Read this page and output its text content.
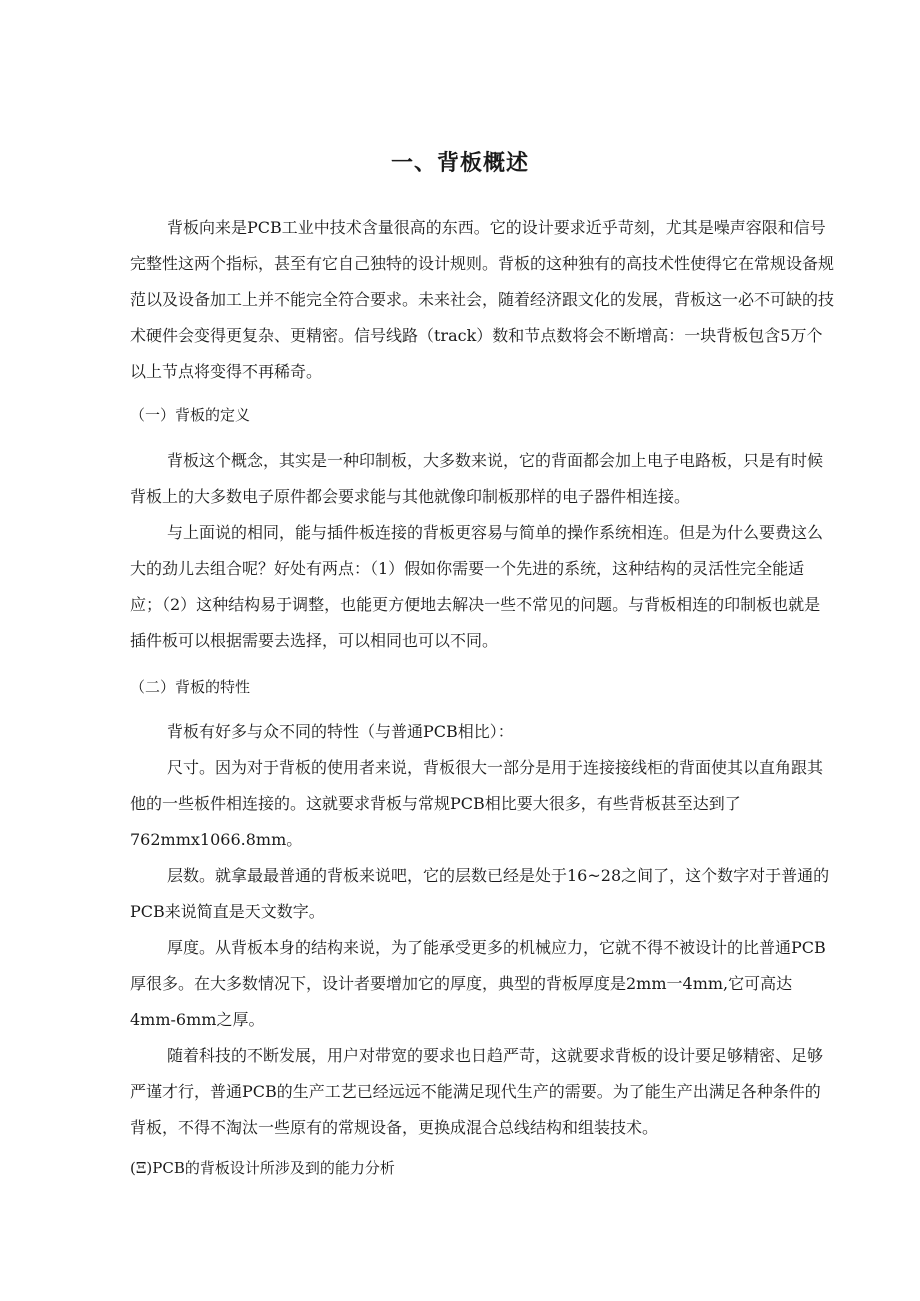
一、背板概述

背板向来是PCB工业中技术含量很高的东西。它的设计要求近乎苛刻，尤其是噪声容限和信号完整性这两个指标，甚至有它自己独特的设计规则。背板的这种独有的高技术性使得它在常规设备规范以及设备加工上并不能完全符合要求。未来社会，随着经济跟文化的发展，背板这一必不可缺的技术硬件会变得更复杂、更精密。信号线路（track）数和节点数将会不断增高：一块背板包含5万个以上节点将变得不再稀奇。

（一）背板的定义

背板这个概念，其实是一种印制板，大多数来说，它的背面都会加上电子电路板，只是有时候背板上的大多数电子原件都会要求能与其他就像印制板那样的电子器件相连接。

与上面说的相同，能与插件板连接的背板更容易与简单的操作系统相连。但是为什么要费这么大的劲儿去组合呢？好处有两点：（1）假如你需要一个先进的系统，这种结构的灵活性完全能适应；（2）这种结构易于调整，也能更方便地去解决一些不常见的问题。与背板相连的印制板也就是插件板可以根据需要去选择，可以相同也可以不同。

（二）背板的特性

背板有好多与众不同的特性（与普通PCB相比）：

尺寸。因为对于背板的使用者来说，背板很大一部分是用于连接接线柜的背面使其以直角跟其他的一些板件相连接的。这就要求背板与常规PCB相比要大很多，有些背板甚至达到了762mmx1066.8mm。

层数。就拿最最普通的背板来说吧，它的层数已经是处于16~28之间了，这个数字对于普通的PCB来说简直是天文数字。

厚度。从背板本身的结构来说，为了能承受更多的机械应力，它就不得不被设计的比普通PCB厚很多。在大多数情况下，设计者要增加它的厚度，典型的背板厚度是2mm一4mm,它可高达4mm-6mm之厚。

随着科技的不断发展，用户对带宽的要求也日趋严苛，这就要求背板的设计要足够精密、足够严谨才行，普通PCB的生产工艺已经远远不能满足现代生产的需要。为了能生产出满足各种条件的背板，不得不淘汰一些原有的常规设备，更换成混合总线结构和组装技术。

(Ξ)PCB的背板设计所涉及到的能力分析
